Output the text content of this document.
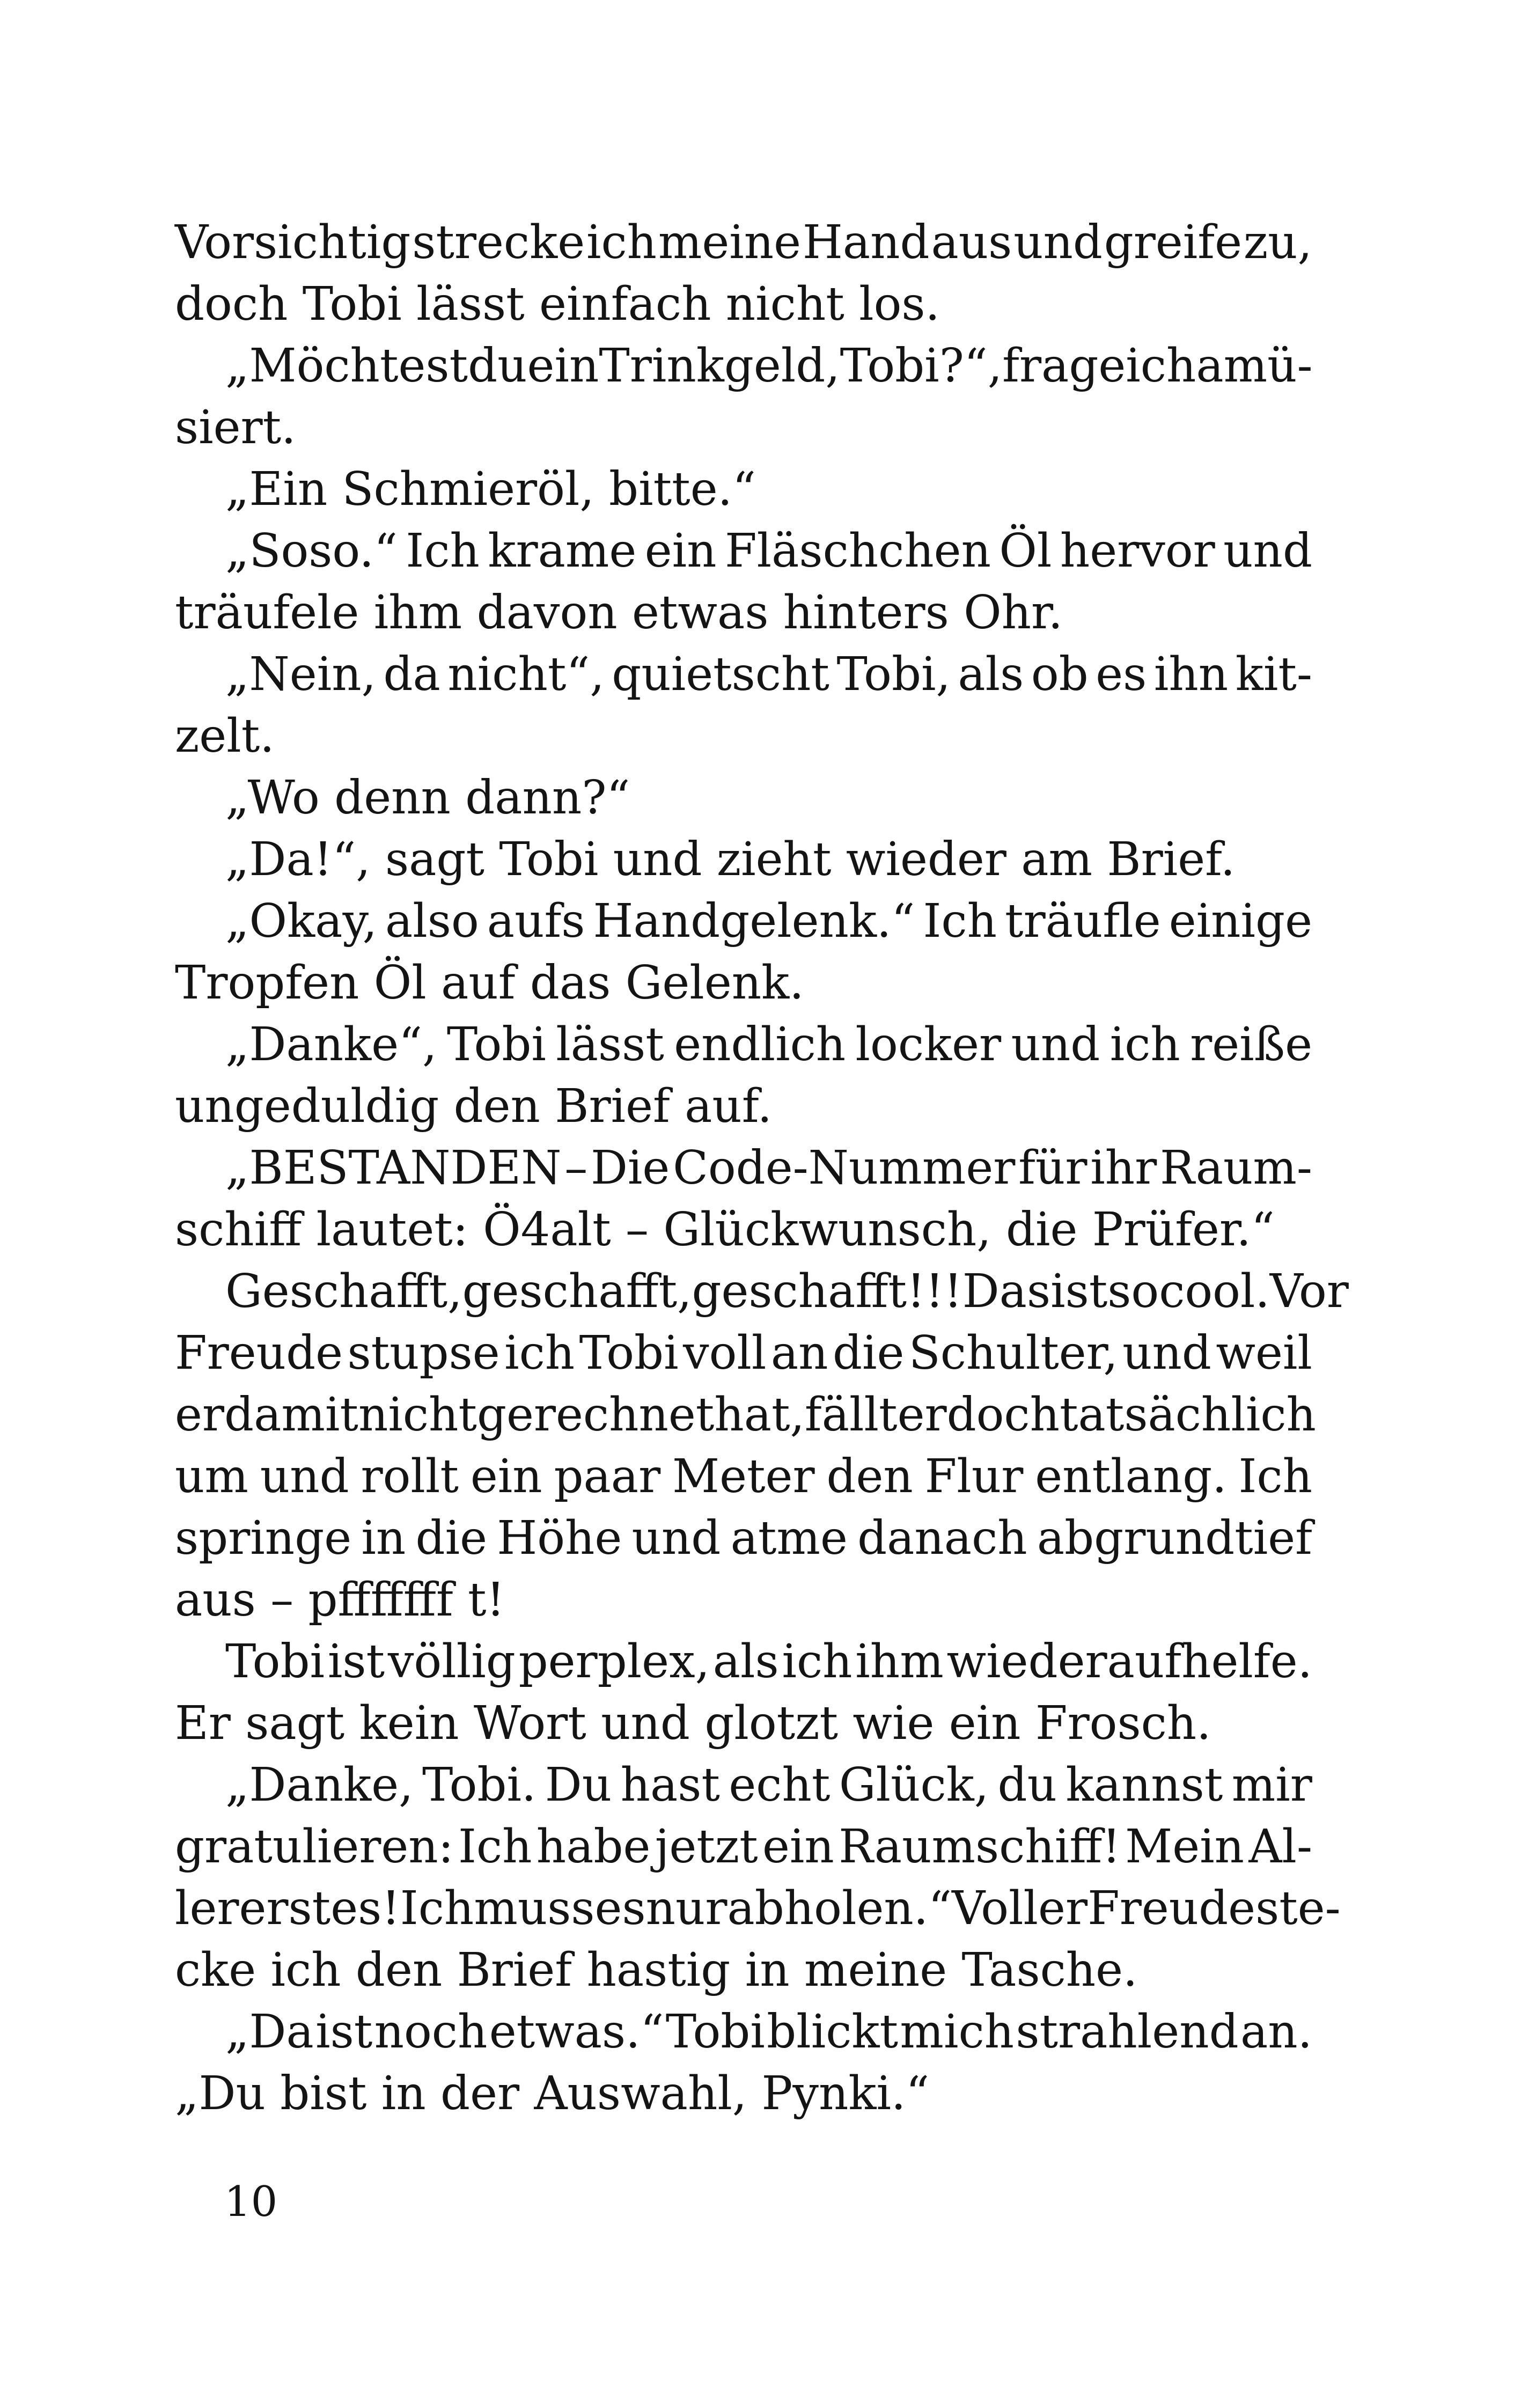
Vorsichtig strecke ich meine Hand aus und greife zu,
doch Tobi lässt einfach nicht los.
„Möchtest du ein Trinkgeld, Tobi?“, frage ich amü-
siert.
„Ein Schmieröl, bitte.“
„Soso.“ Ich krame ein Fläschchen Öl hervor und
träufele ihm davon etwas hinters Ohr.
„Nein, da nicht“, quietscht Tobi, als ob es ihn kit-
zelt.
„Wo denn dann?“
„Da!“, sagt Tobi und zieht wieder am Brief.
„Okay, also aufs Handgelenk.“ Ich träufle einige
Tropfen Öl auf das Gelenk.
„Danke“, Tobi lässt endlich locker und ich reiße
ungeduldig den Brief auf.
„BESTANDEN – Die Code-Nummer für ihr Raum-
schiff lautet: Ö4alt – Glückwunsch, die Prüfer.“
Geschafft, geschafft, geschafft!!! Das ist so cool. Vor
Freude stupse ich Tobi voll an die Schulter, und weil
er damit nicht gerechnet hat, fällt er doch tatsächlich
um und rollt ein paar Meter den Flur entlang. Ich
springe in die Höhe und atme danach abgrundtief
aus – pfffffff t!
Tobi ist völlig perplex, als ich ihm wiederaufhelfe.
Er sagt kein Wort und glotzt wie ein Frosch.
„Danke, Tobi. Du hast echt Glück, du kannst mir
gratulieren: Ich habe jetzt ein Raumschiff! Mein Al-
lererstes! Ich muss es nur abholen.“ Voller Freude ste-
cke ich den Brief hastig in meine Tasche.
„Da ist noch etwas.“ Tobi blickt mich strahlend an.
„Du bist in der Auswahl, Pynki.“
10
